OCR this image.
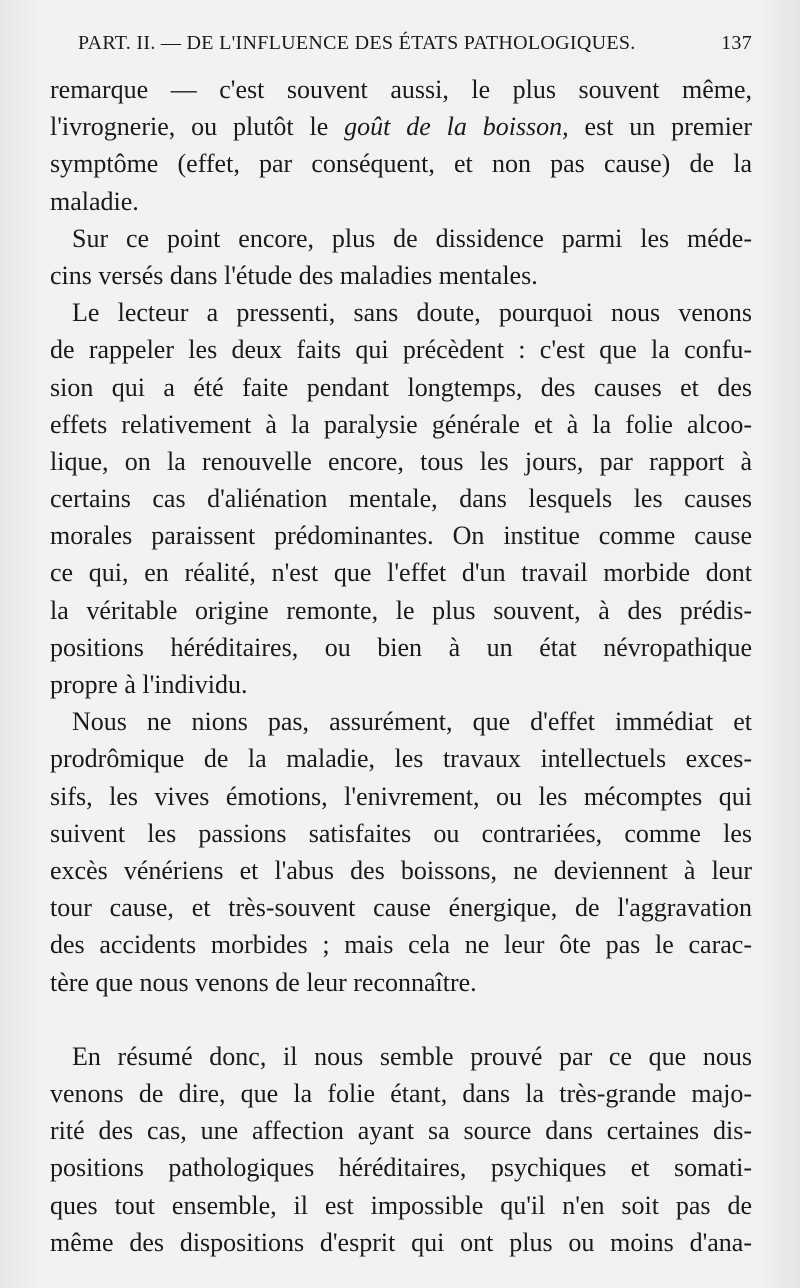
PART. II. — DE L'INFLUENCE DES ÉTATS PATHOLOGIQUES.	137
remarque — c'est souvent aussi, le plus souvent même,
l'ivrognerie, ou plutôt le goût de la boisson, est un premier
symptôme (effet, par conséquent, et non pas cause) de la
maladie.
Sur ce point encore, plus de dissidence parmi les méde-
cins versés dans l'étude des maladies mentales.
Le lecteur a pressenti, sans doute, pourquoi nous venons
de rappeler les deux faits qui précèdent : c'est que la confu-
sion qui a été faite pendant longtemps, des causes et des
effets relativement à la paralysie générale et à la folie alcoo-
lique, on la renouvelle encore, tous les jours, par rapport à
certains cas d'aliénation mentale, dans lesquels les causes
morales paraissent prédominantes. On institue comme cause
ce qui, en réalité, n'est que l'effet d'un travail morbide dont
la véritable origine remonte, le plus souvent, à des prédis-
positions héréditaires, ou bien à un état névropathique
propre à l'individu.
Nous ne nions pas, assurément, que d'effet immédiat et
prodrômique de la maladie, les travaux intellectuels exces-
sifs, les vives émotions, l'enivrement, ou les mécomptes qui
suivent les passions satisfaites ou contrariées, comme les
excès vénériens et l'abus des boissons, ne deviennent à leur
tour cause, et très-souvent cause énergique, de l'aggravation
des accidents morbides ; mais cela ne leur ôte pas le carac-
tère que nous venons de leur reconnaître.
En résumé donc, il nous semble prouvé par ce que nous
venons de dire, que la folie étant, dans la très-grande majo-
rité des cas, une affection ayant sa source dans certaines dis-
positions pathologiques héréditaires, psychiques et somati-
ques tout ensemble, il est impossible qu'il n'en soit pas de
même des dispositions d'esprit qui ont plus ou moins d'ana-
